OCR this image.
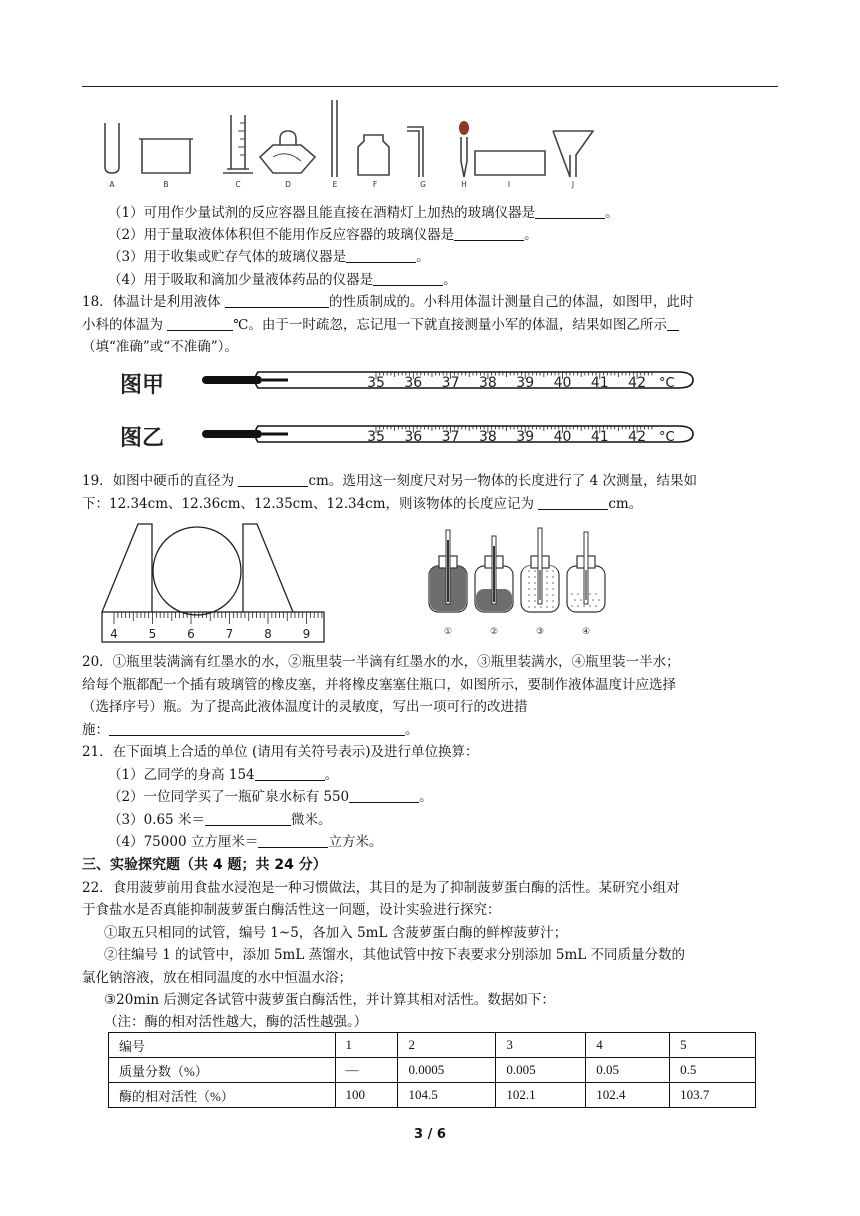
A	B	C	D	E	F	G	H	I	J
（1）可用作少量试剂的反应容器且能直接在酒精灯上加热的玻璃仪器是	。
（2）用于量取液体体积但不能用作反应容器的玻璃仪器是	。
（3）用于收集或贮存气体的玻璃仪器是	。
（4）用于吸取和滴加少量液体药品的仪器是	。
18．体温计是利用液体	的性质制成的。小科用体温计测量自己的体温，如图甲，此时
小科的体温为	℃。由于一时疏忽，忘记甩一下就直接测量小军的体温，结果如图乙所示
（填“准确”或“不准确”）。
图甲
图乙
35 36 37 38 39 40 41 42 °C
35 36 37 38 39 40 41 42 °C
19．如图中硬币的直径为	cm。选用这一刻度尺对另一物体的长度进行了 4 次测量，结果如
下：12.34cm、12.36cm、12.35cm、12.34cm，则该物体的长度应记为	cm。
4	5	6	7	8	9	①	②	③	④
20．①瓶里装满滴有红墨水的水，②瓶里装一半滴有红墨水的水，③瓶里装满水，④瓶里装一半水；
给每个瓶都配一个插有玻璃管的橡皮塞，并将橡皮塞塞住瓶口，如图所示，要制作液体温度计应选择
（选择序号）瓶。为了提高此液体温度计的灵敏度，写出一项可行的改进措
施：	。
21．在下面填上合适的单位 (请用有关符号表示)及进行单位换算：
（1）乙同学的身高 154	。
（2）一位同学买了一瓶矿泉水标有 550	。
（3）0.65 米＝	微米。
（4）75000 立方厘米＝	立方米。
三、实验探究题（共 4 题；共 24 分）
22．食用菠萝前用食盐水浸泡是一种习惯做法，其目的是为了抑制菠萝蛋白酶的活性。某研究小组对
于食盐水是否真能抑制菠萝蛋白酶活性这一问题，设计实验进行探究：
①取五只相同的试管，编号 1~5，各加入 5mL 含菠萝蛋白酶的鲜榨菠萝汁；
②往编号 1 的试管中，添加 5mL 蒸馏水，其他试管中按下表要求分别添加 5mL 不同质量分数的
氯化钠溶液，放在相同温度的水中恒温水浴；
③20min 后测定各试管中菠萝蛋白酶活性，并计算其相对活性。数据如下：
（注：酶的相对活性越大，酶的活性越强。）
编号	1	2	3	4	5
质量分数（%）	—	0.0005	0.005	0.05	0.5
酶的相对活性（%）	100	104.5	102.1	102.4	103.7
3 / 6
